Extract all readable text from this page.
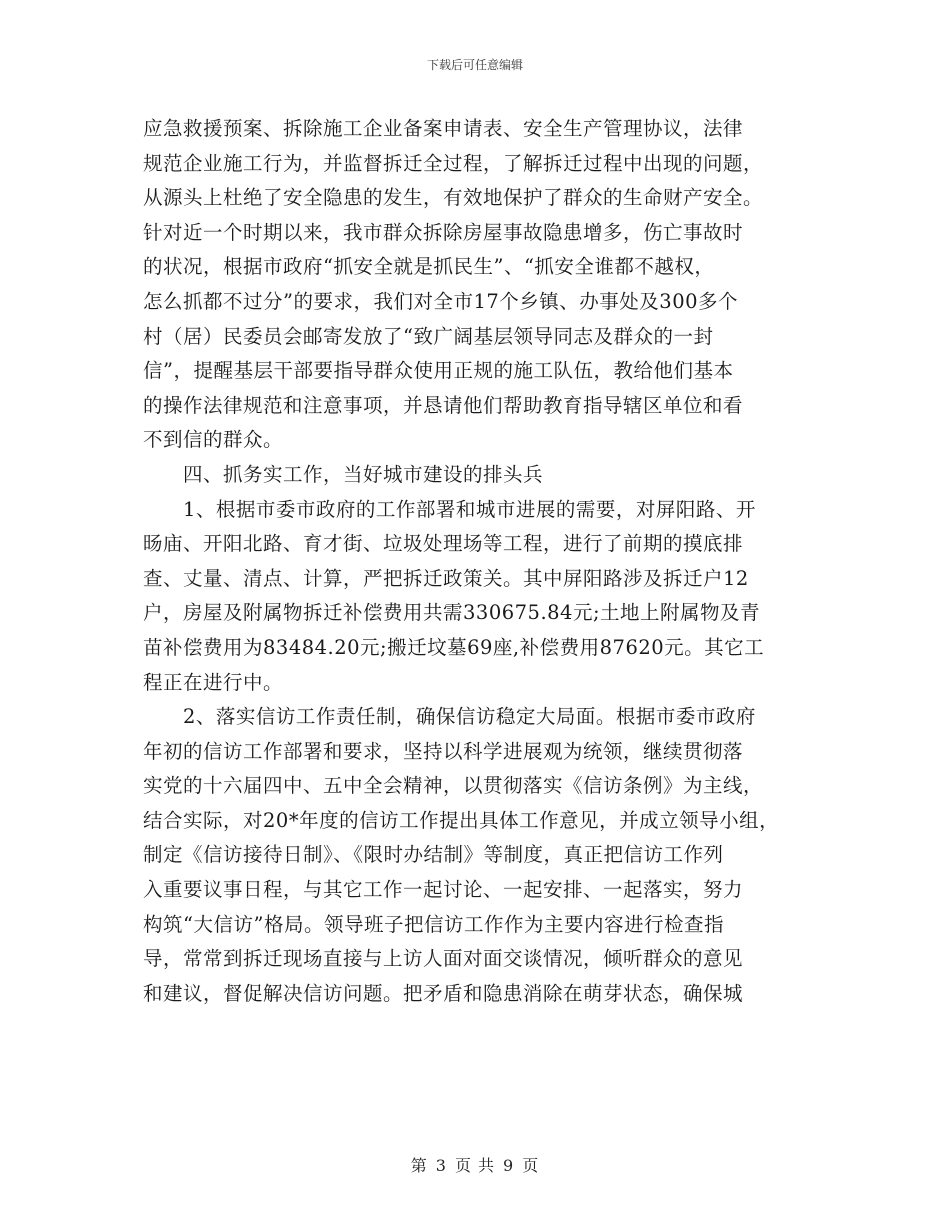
下载后可任意编辑
应急救援预案、拆除施工企业备案申请表、安全生产管理协议，法律
规范企业施工行为，并监督拆迁全过程，了解拆迁过程中出现的问题，
从源头上杜绝了安全隐患的发生，有效地保护了群众的生命财产安全。
针对近一个时期以来，我市群众拆除房屋事故隐患增多，伤亡事故时
的状况，根据市政府“抓安全就是抓民生”、“抓安全谁都不越权，
怎么抓都不过分”的要求，我们对全市17个乡镇、办事处及300多个
村（居）民委员会邮寄发放了“致广阔基层领导同志及群众的一封
信”，提醒基层干部要指导群众使用正规的施工队伍，教给他们基本
的操作法律规范和注意事项，并恳请他们帮助教育指导辖区单位和看
不到信的群众。
　　四、抓务实工作，当好城市建设的排头兵
　　1、根据市委市政府的工作部署和城市进展的需要，对屏阳路、开
旸庙、开阳北路、育才街、垃圾处理场等工程，进行了前期的摸底排
查、丈量、清点、计算，严把拆迁政策关。其中屏阳路涉及拆迁户12
户，房屋及附属物拆迁补偿费用共需330675.84元;土地上附属物及青
苗补偿费用为83484.20元;搬迁坟墓69座,补偿费用87620元。其它工
程正在进行中。
　　2、落实信访工作责任制，确保信访稳定大局面。根据市委市政府
年初的信访工作部署和要求，坚持以科学进展观为统领，继续贯彻落
实党的十六届四中、五中全会精神，以贯彻落实《信访条例》为主线，
结合实际，对20*年度的信访工作提出具体工作意见，并成立领导小组，
制定《信访接待日制》、《限时办结制》等制度，真正把信访工作列
入重要议事日程，与其它工作一起讨论、一起安排、一起落实，努力
构筑“大信访”格局。领导班子把信访工作作为主要内容进行检查指
导，常常到拆迁现场直接与上访人面对面交谈情况，倾听群众的意见
和建议，督促解决信访问题。把矛盾和隐患消除在萌芽状态，确保城
第 3 页 共 9 页
